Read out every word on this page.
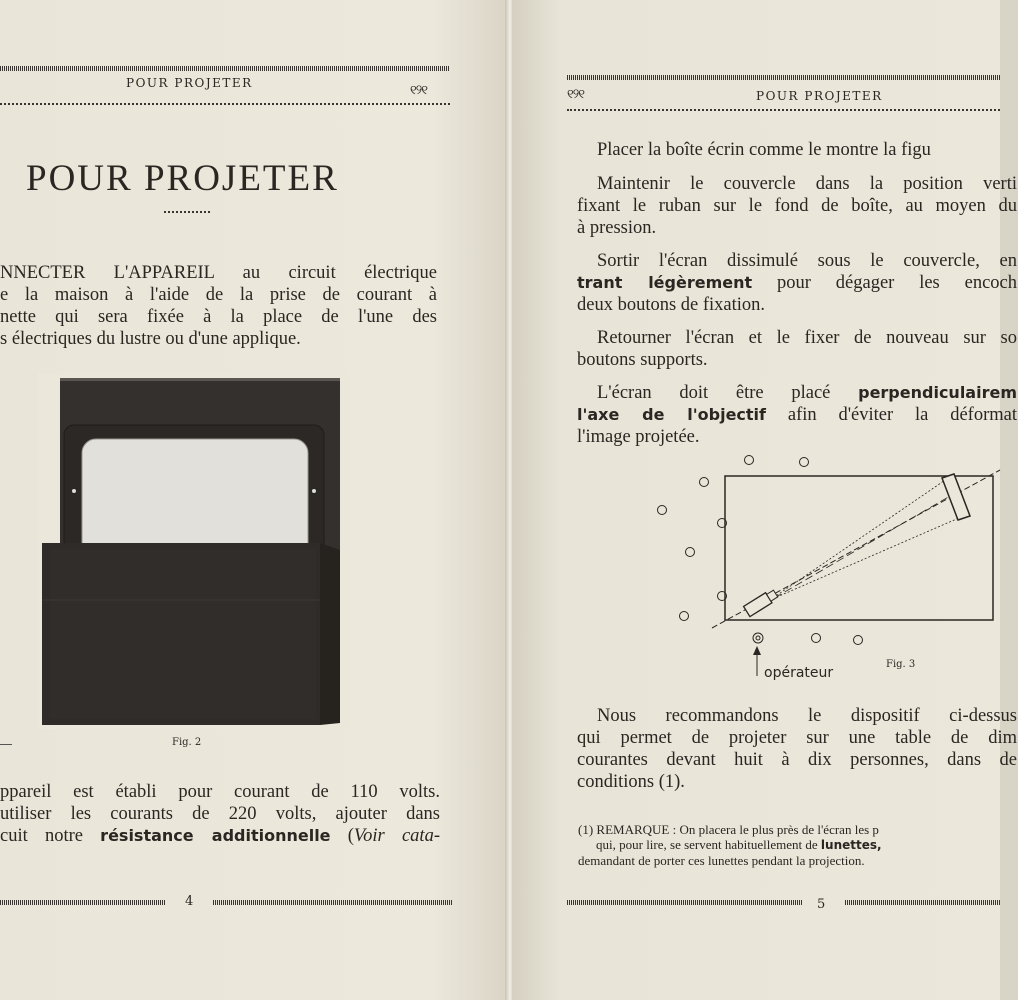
POUR PROJETER	୧୨୧
POUR PROJETER
NNECTER L'APPAREIL au circuit électrique
e la maison à l'aide de la prise de courant à
nette qui sera fixée à la place de l'une des
s électriques du lustre ou d'une applique.
Fig. 2
ppareil est établi pour courant de 110 volts.
utiliser les courants de 220 volts, ajouter dans
cuit notre résistance additionnelle (Voir cata-
4
୧୨୧	POUR PROJETER
Placer la boîte écrin comme le montre la figu
Maintenir le couvercle dans la position verti
fixant le ruban sur le fond de boîte, au moyen du
à pression.
Sortir l'écran dissimulé sous le couvercle, en
trant légèrement pour dégager les encoch
deux boutons de fixation.
Retourner l'écran et le fixer de nouveau sur so
boutons supports.
L'écran doit être placé perpendiculairem
l'axe de l'objectif afin d'éviter la déformat
l'image projetée.
opérateur
Fig. 3
Nous recommandons le dispositif ci-dessus
qui permet de projeter sur une table de dim
courantes devant huit à dix personnes, dans de
conditions (1).
(1) REMARQUE : On placera le plus près de l'écran les p
qui, pour lire, se servent habituellement de lunettes,
demandant de porter ces lunettes pendant la projection.
5
